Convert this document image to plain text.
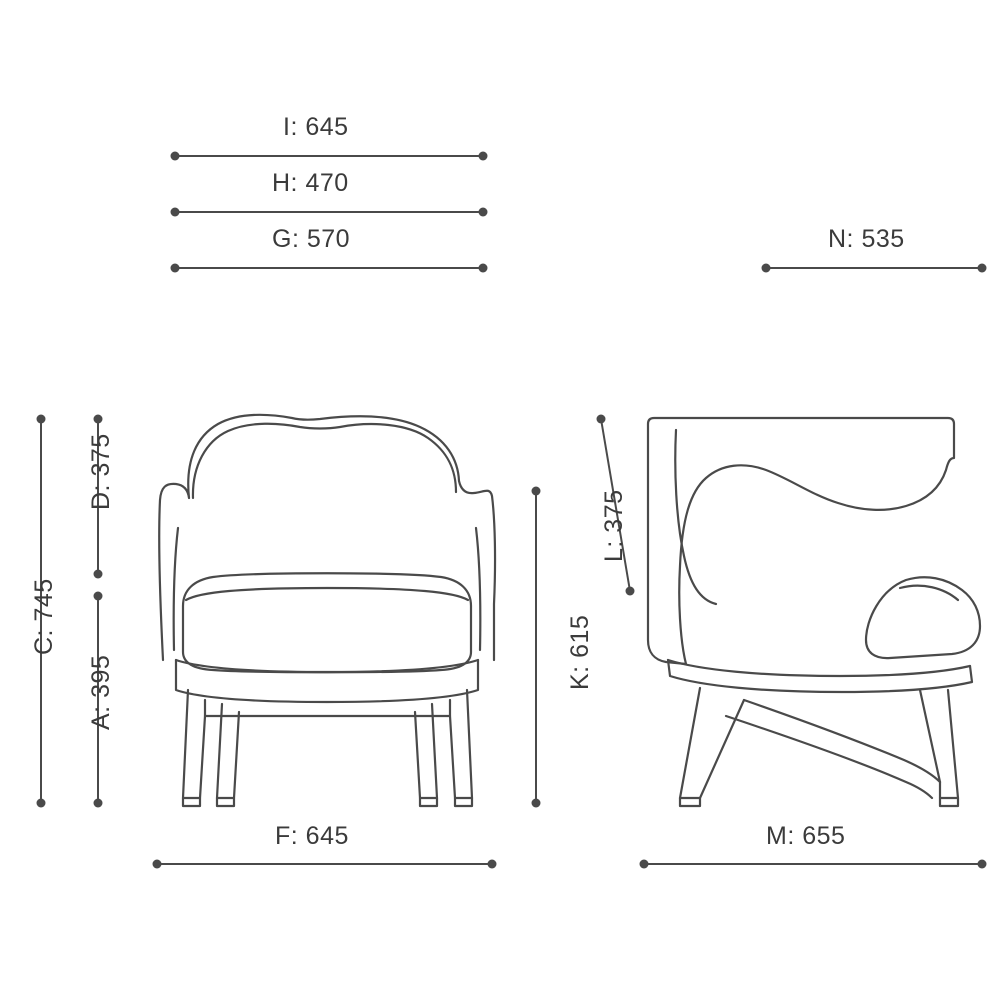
I: 645
H: 470
G: 570	N: 535
C: 745
D: 375
A: 395
K: 615
L: 375
F: 645	M: 655
